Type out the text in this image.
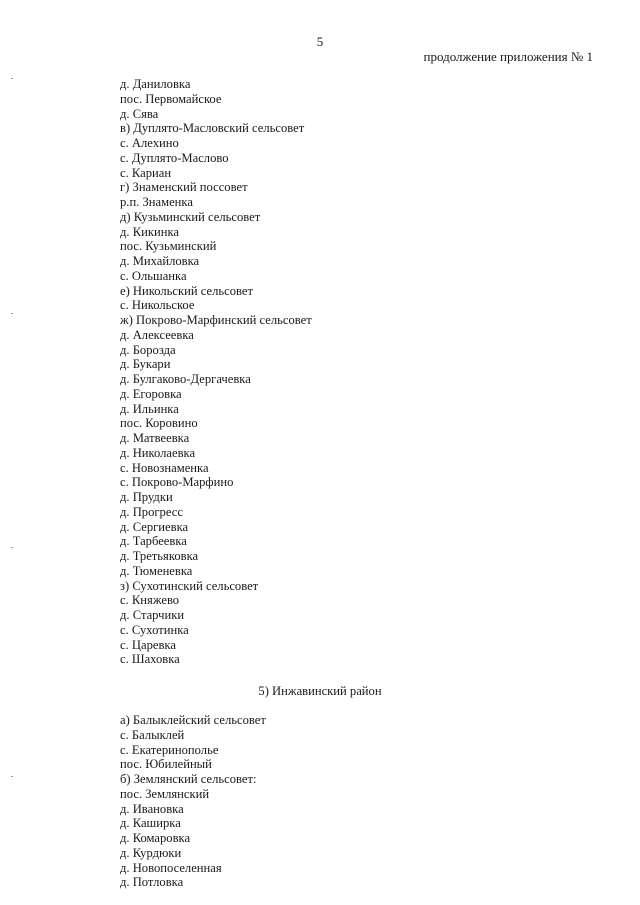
5
продолжение приложения № 1
д. Даниловка
пос. Первомайское
д. Сява
в) Дуплято-Масловский сельсовет
с. Алехино
с. Дуплято-Маслово
с. Кариан
г) Знаменский поссовет
р.п. Знаменка
д) Кузьминский сельсовет
д. Кикинка
пос. Кузьминский
д. Михайловка
с. Ольшанка
е) Никольский сельсовет
с. Никольское
ж) Покрово-Марфинский сельсовет
д. Алексеевка
д. Борозда
д. Букари
д. Булгаково-Дергачевка
д. Егоровка
д. Ильинка
пос. Коровино
д. Матвеевка
д. Николаевка
с. Новознаменка
с. Покрово-Марфино
д. Прудки
д. Прогресс
д. Сергиевка
д. Тарбеевка
д. Третьяковка
д. Тюменевка
з) Сухотинский сельсовет
с. Княжево
д. Старчики
с. Сухотинка
с. Царевка
с. Шаховка
5) Инжавинский район
а) Балыклейский сельсовет
с. Балыклей
с. Екатеринополье
пос. Юбилейный
б) Землянский сельсовет:
пос. Землянский
д. Ивановка
д. Каширка
д. Комаровка
д. Курдюки
д. Новопоселенная
д. Потловка
